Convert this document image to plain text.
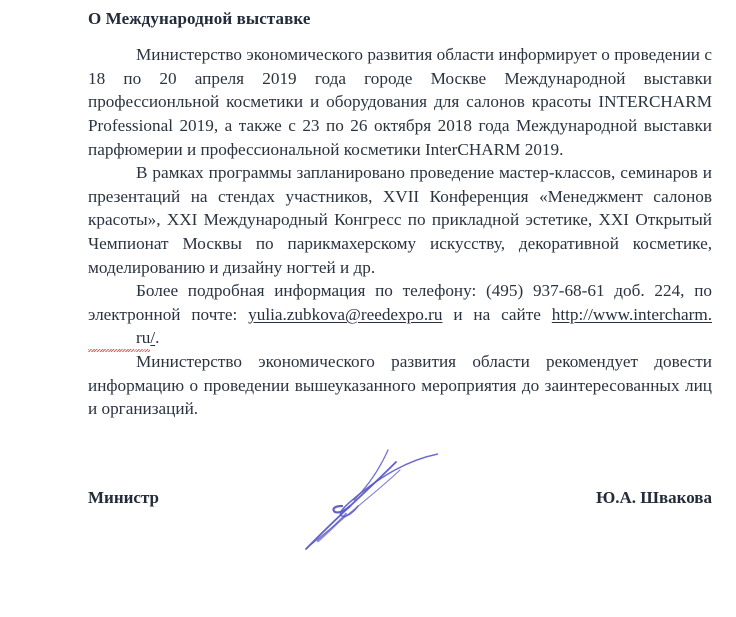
О Международной выставке

Министерство экономического развития области информирует о проведении с 18 по 20 апреля 2019 года городе Москве Международной выставки профессионльной косметики и оборудования для салонов красоты INTERCHARM Professional 2019, а также с 23 по 26 октября 2018 года Международной выставки парфюмерии и профессиональной косметики InterCHARM 2019.

В рамках программы запланировано проведение мастер-классов, семинаров и презентаций на стендах участников, XVII Конференция «Менеджмент салонов красоты», XXI Международный Конгресс по прикладной эстетике, XXI Открытый Чемпионат Москвы по парикмахерскому искусству, декоративной косметике, моделированию и дизайну ногтей и др.

Более подробная информация по телефону: (495) 937-68-61 доб. 224, по электронной почте: yulia.zubkova@reedexpo.ru и на сайте http://www.intercharm.ru/.

Министерство экономического развития области рекомендует довести информацию о проведении вышеуказанного мероприятия до заинтересованных лиц и организаций.

Министр	Ю.А. Швакова
